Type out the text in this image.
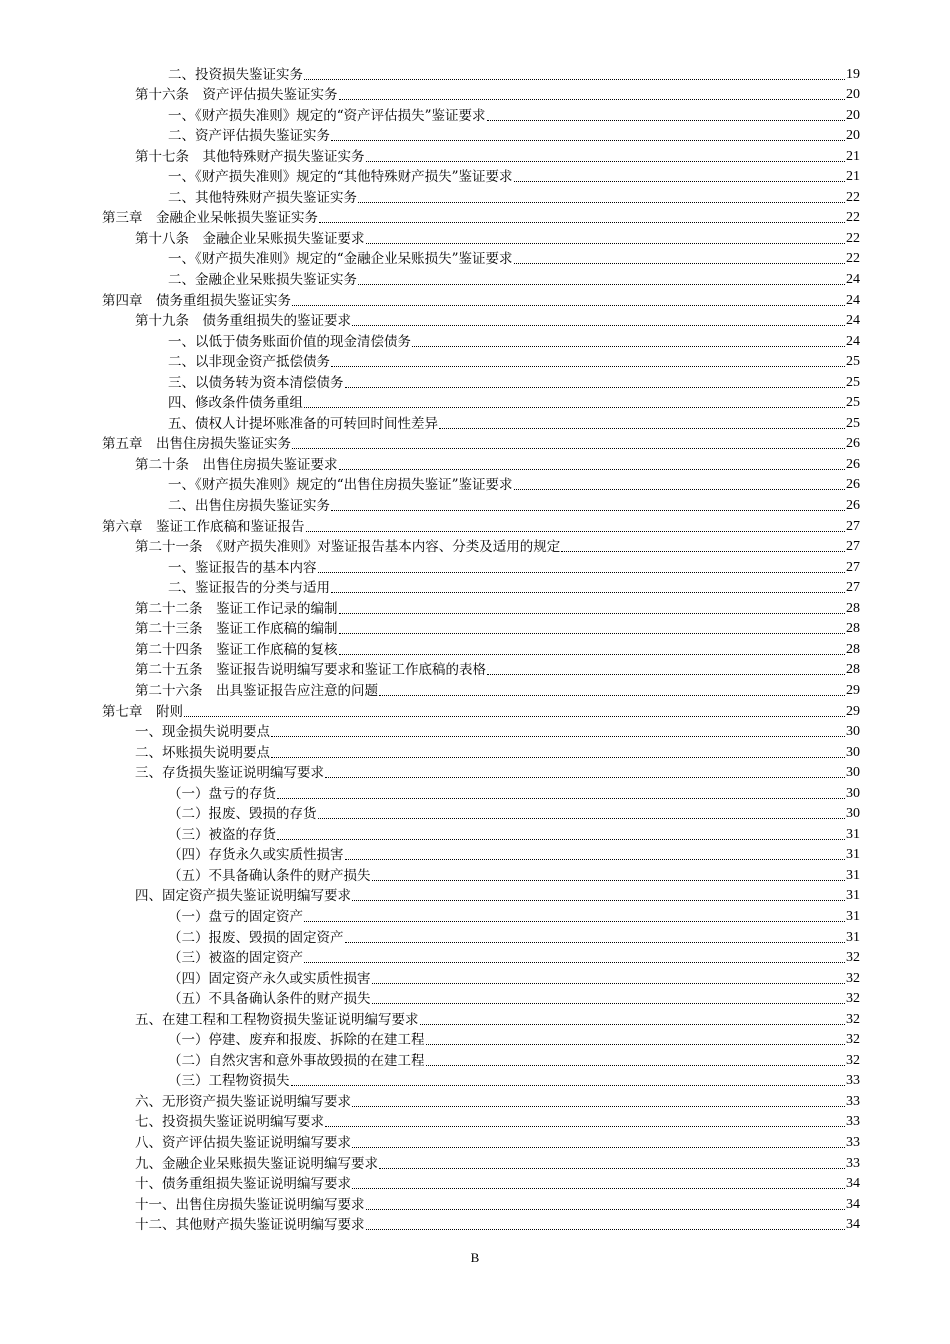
二、投资损失鉴证实务	19
第十六条　资产评估损失鉴证实务	20
一、《财产损失准则》规定的“资产评估损失”鉴证要求	20
二、资产评估损失鉴证实务	20
第十七条　其他特殊财产损失鉴证实务	21
一、《财产损失准则》规定的“其他特殊财产损失”鉴证要求	21
二、其他特殊财产损失鉴证实务	22
第三章　金融企业呆帐损失鉴证实务	22
第十八条　金融企业呆账损失鉴证要求	22
一、《财产损失准则》规定的“金融企业呆账损失”鉴证要求	22
二、金融企业呆账损失鉴证实务	24
第四章　债务重组损失鉴证实务	24
第十九条　债务重组损失的鉴证要求	24
一、以低于债务账面价值的现金清偿债务	24
二、以非现金资产抵偿债务	25
三、以债务转为资本清偿债务	25
四、修改条件债务重组	25
五、债权人计提坏账准备的可转回时间性差异	25
第五章　出售住房损失鉴证实务	26
第二十条　出售住房损失鉴证要求	26
一、《财产损失准则》规定的“出售住房损失鉴证”鉴证要求	26
二、出售住房损失鉴证实务	26
第六章　鉴证工作底稿和鉴证报告	27
第二十一条　《财产损失准则》对鉴证报告基本内容、分类及适用的规定	27
一、鉴证报告的基本内容	27
二、鉴证报告的分类与适用	27
第二十二条　鉴证工作记录的编制	28
第二十三条　鉴证工作底稿的编制	28
第二十四条　鉴证工作底稿的复核	28
第二十五条　鉴证报告说明编写要求和鉴证工作底稿的表格	28
第二十六条　出具鉴证报告应注意的问题	29
第七章　附则	29
一、现金损失说明要点	30
二、坏账损失说明要点	30
三、存货损失鉴证说明编写要求	30
（一）盘亏的存货	30
（二）报废、毁损的存货	30
（三）被盗的存货	31
（四）存货永久或实质性损害	31
（五）不具备确认条件的财产损失	31
四、固定资产损失鉴证说明编写要求	31
（一）盘亏的固定资产	31
（二）报废、毁损的固定资产	31
（三）被盗的固定资产	32
（四）固定资产永久或实质性损害	32
（五）不具备确认条件的财产损失	32
五、在建工程和工程物资损失鉴证说明编写要求	32
（一）停建、废弃和报废、拆除的在建工程	32
（二）自然灾害和意外事故毁损的在建工程	32
（三）工程物资损失	33
六、无形资产损失鉴证说明编写要求	33
七、投资损失鉴证说明编写要求	33
八、资产评估损失鉴证说明编写要求	33
九、金融企业呆账损失鉴证说明编写要求	33
十、债务重组损失鉴证说明编写要求	34
十一、出售住房损失鉴证说明编写要求	34
十二、其他财产损失鉴证说明编写要求	34
B
